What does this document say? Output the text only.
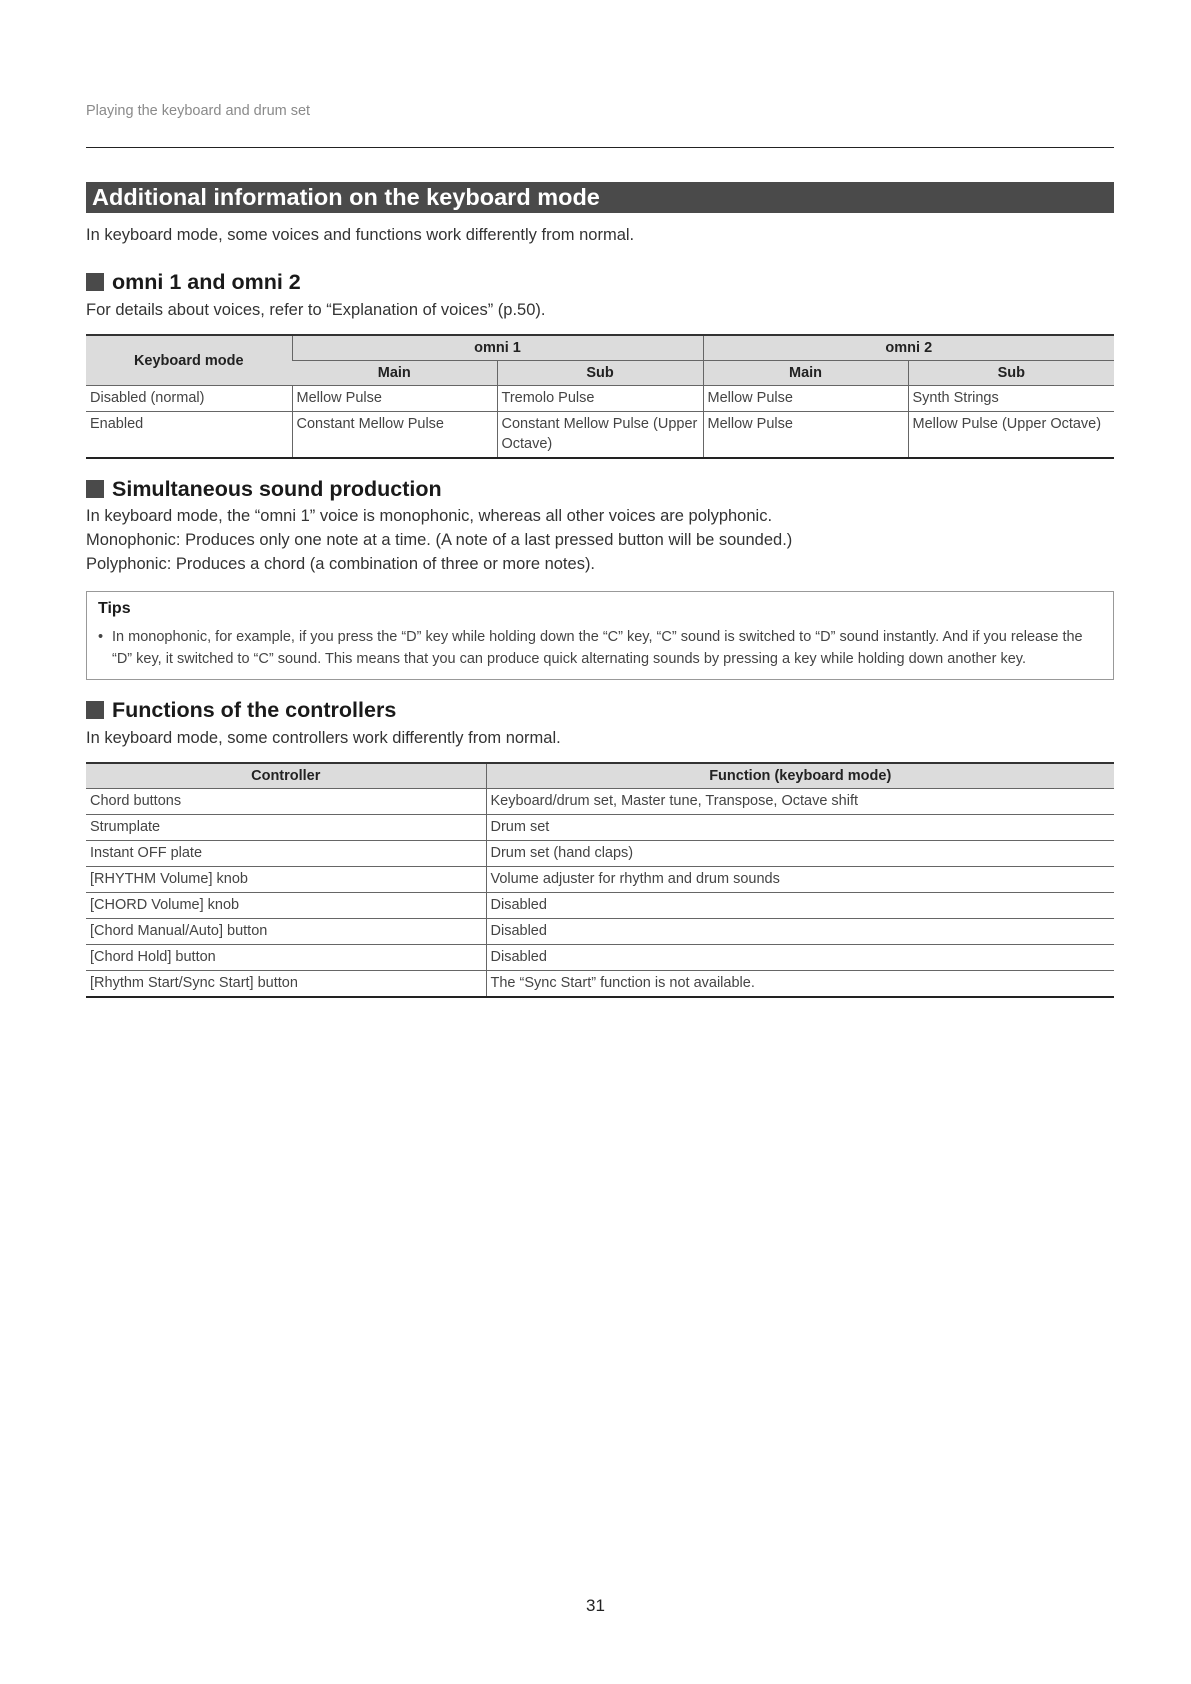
Playing the keyboard and drum set
Additional information on the keyboard mode
In keyboard mode, some voices and functions work differently from normal.
omni 1 and omni 2
For details about voices, refer to “Explanation of voices” (p.50).
Keyboard mode	omni 1		omni 2	
	Main	Sub	Main	Sub
Disabled (normal)	Mellow Pulse	Tremolo Pulse	Mellow Pulse	Synth Strings
Enabled	Constant Mellow Pulse	Constant Mellow Pulse (Upper Octave)	Mellow Pulse	Mellow Pulse (Upper Octave)
Simultaneous sound production
In keyboard mode, the “omni 1” voice is monophonic, whereas all other voices are polyphonic.
Monophonic: Produces only one note at a time. (A note of a last pressed button will be sounded.)
Polyphonic: Produces a chord (a combination of three or more notes).
Tips
• In monophonic, for example, if you press the “D” key while holding down the “C” key, “C” sound is switched to “D” sound instantly. And if you release the “D” key, it switched to “C” sound. This means that you can produce quick alternating sounds by pressing a key while holding down another key.
Functions of the controllers
In keyboard mode, some controllers work differently from normal.
Controller	Function (keyboard mode)
Chord buttons	Keyboard/drum set, Master tune, Transpose, Octave shift
Strumplate	Drum set
Instant OFF plate	Drum set (hand claps)
[RHYTHM Volume] knob	Volume adjuster for rhythm and drum sounds
[CHORD Volume] knob	Disabled
[Chord Manual/Auto] button	Disabled
[Chord Hold] button	Disabled
[Rhythm Start/Sync Start] button	The “Sync Start” function is not available.
31
